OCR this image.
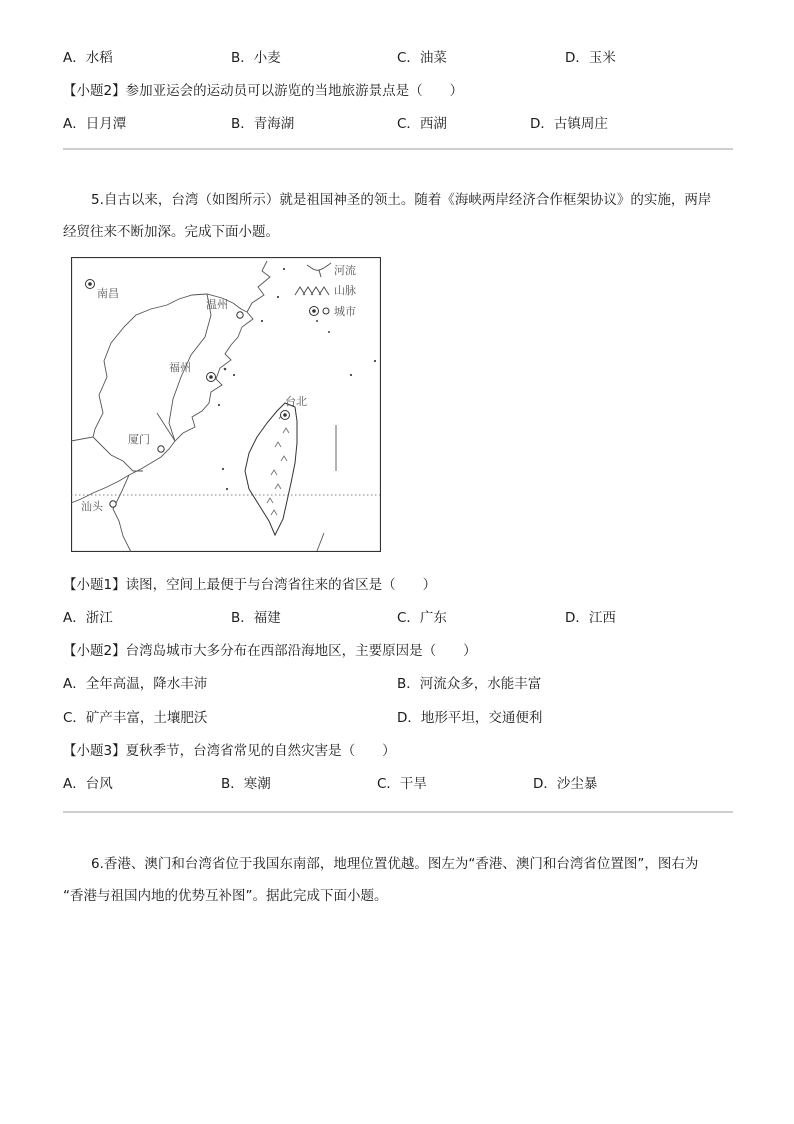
A．水稻	B．小麦	C．油菜	D．玉米
【小题2】参加亚运会的运动员可以游览的当地旅游景点是（　　）
A．日月潭	B．青海湖	C．西湖	D．古镇周庄

5.自古以来，台湾（如图所示）就是祖国神圣的领土。随着《海峡两岸经济合作框架协议》的实施，两岸

经贸往来不断加深。完成下面小题。

南昌
温州
福州
厦门
汕头
台北
河流
山脉
城市
【小题1】读图，空间上最便于与台湾省往来的省区是（　　）
A．浙江	B．福建	C．广东	D．江西
【小题2】台湾岛城市大多分布在西部沿海地区，主要原因是（　　）
A．全年高温，降水丰沛	B．河流众多，水能丰富
C．矿产丰富，土壤肥沃	D．地形平坦，交通便利
【小题3】夏秋季节，台湾省常见的自然灾害是（　　）
A．台风	B．寒潮	C．干旱	D．沙尘暴

6.香港、澳门和台湾省位于我国东南部，地理位置优越。图左为“香港、澳门和台湾省位置图”，图右为

“香港与祖国内地的优势互补图”。据此完成下面小题。
